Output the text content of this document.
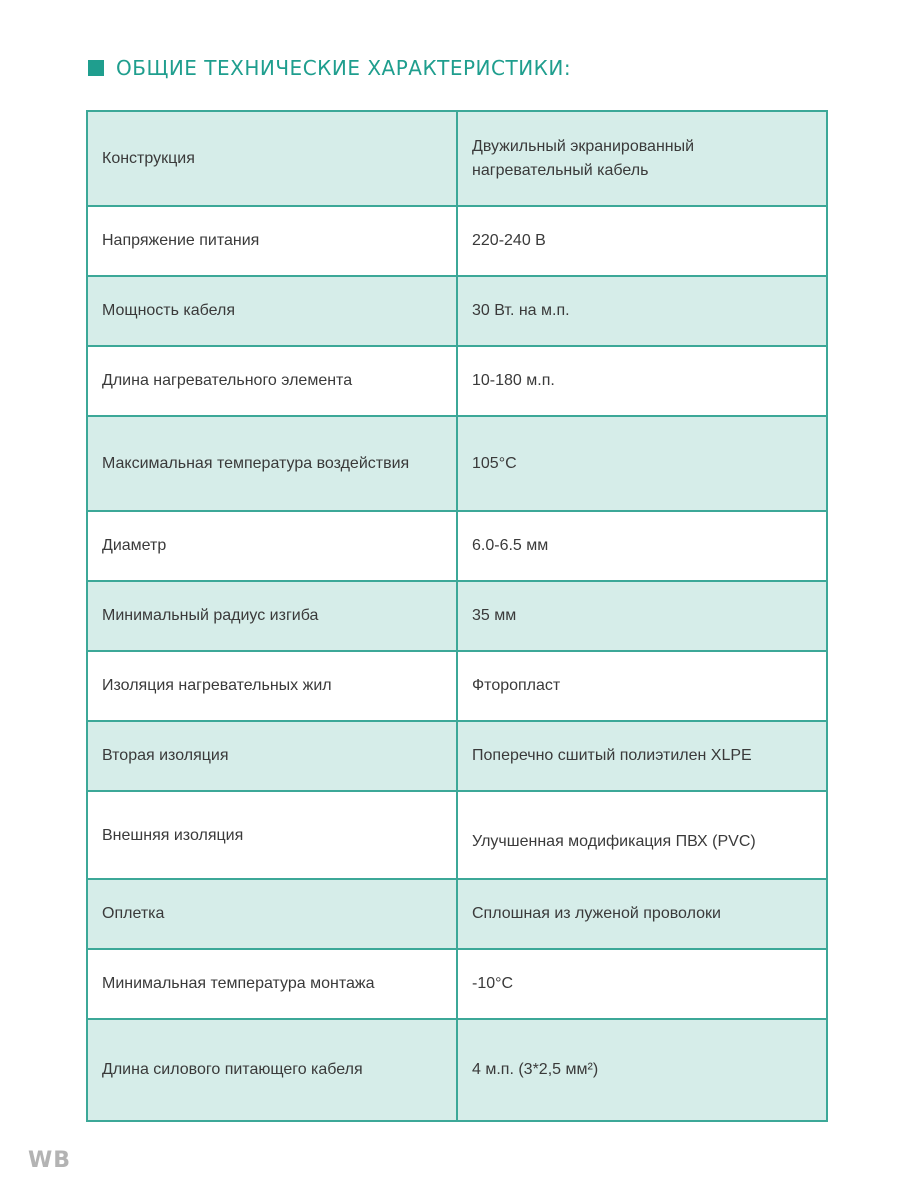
ОБЩИЕ ТЕХНИЧЕСКИЕ ХАРАКТЕРИСТИКИ:
Конструкция	Двужильный экранированный нагревательный кабель
Напряжение питания	220-240 В
Мощность кабеля	30 Вт. на м.п.
Длина нагревательного элемента	10-180 м.п.
Максимальная температура воздействия	105°С
Диаметр	6.0-6.5 мм
Минимальный радиус изгиба	35 мм
Изоляция нагревательных жил	Фторопласт
Вторая изоляция	Поперечно сшитый полиэтилен XLPE
Внешняя изоляция	Улучшенная модификация ПВХ (PVC)
Оплетка	Сплошная из луженой проволоки
Минимальная температура монтажа	-10°С
Длина силового питающего кабеля	4 м.п. (3*2,5 мм²)
WB
